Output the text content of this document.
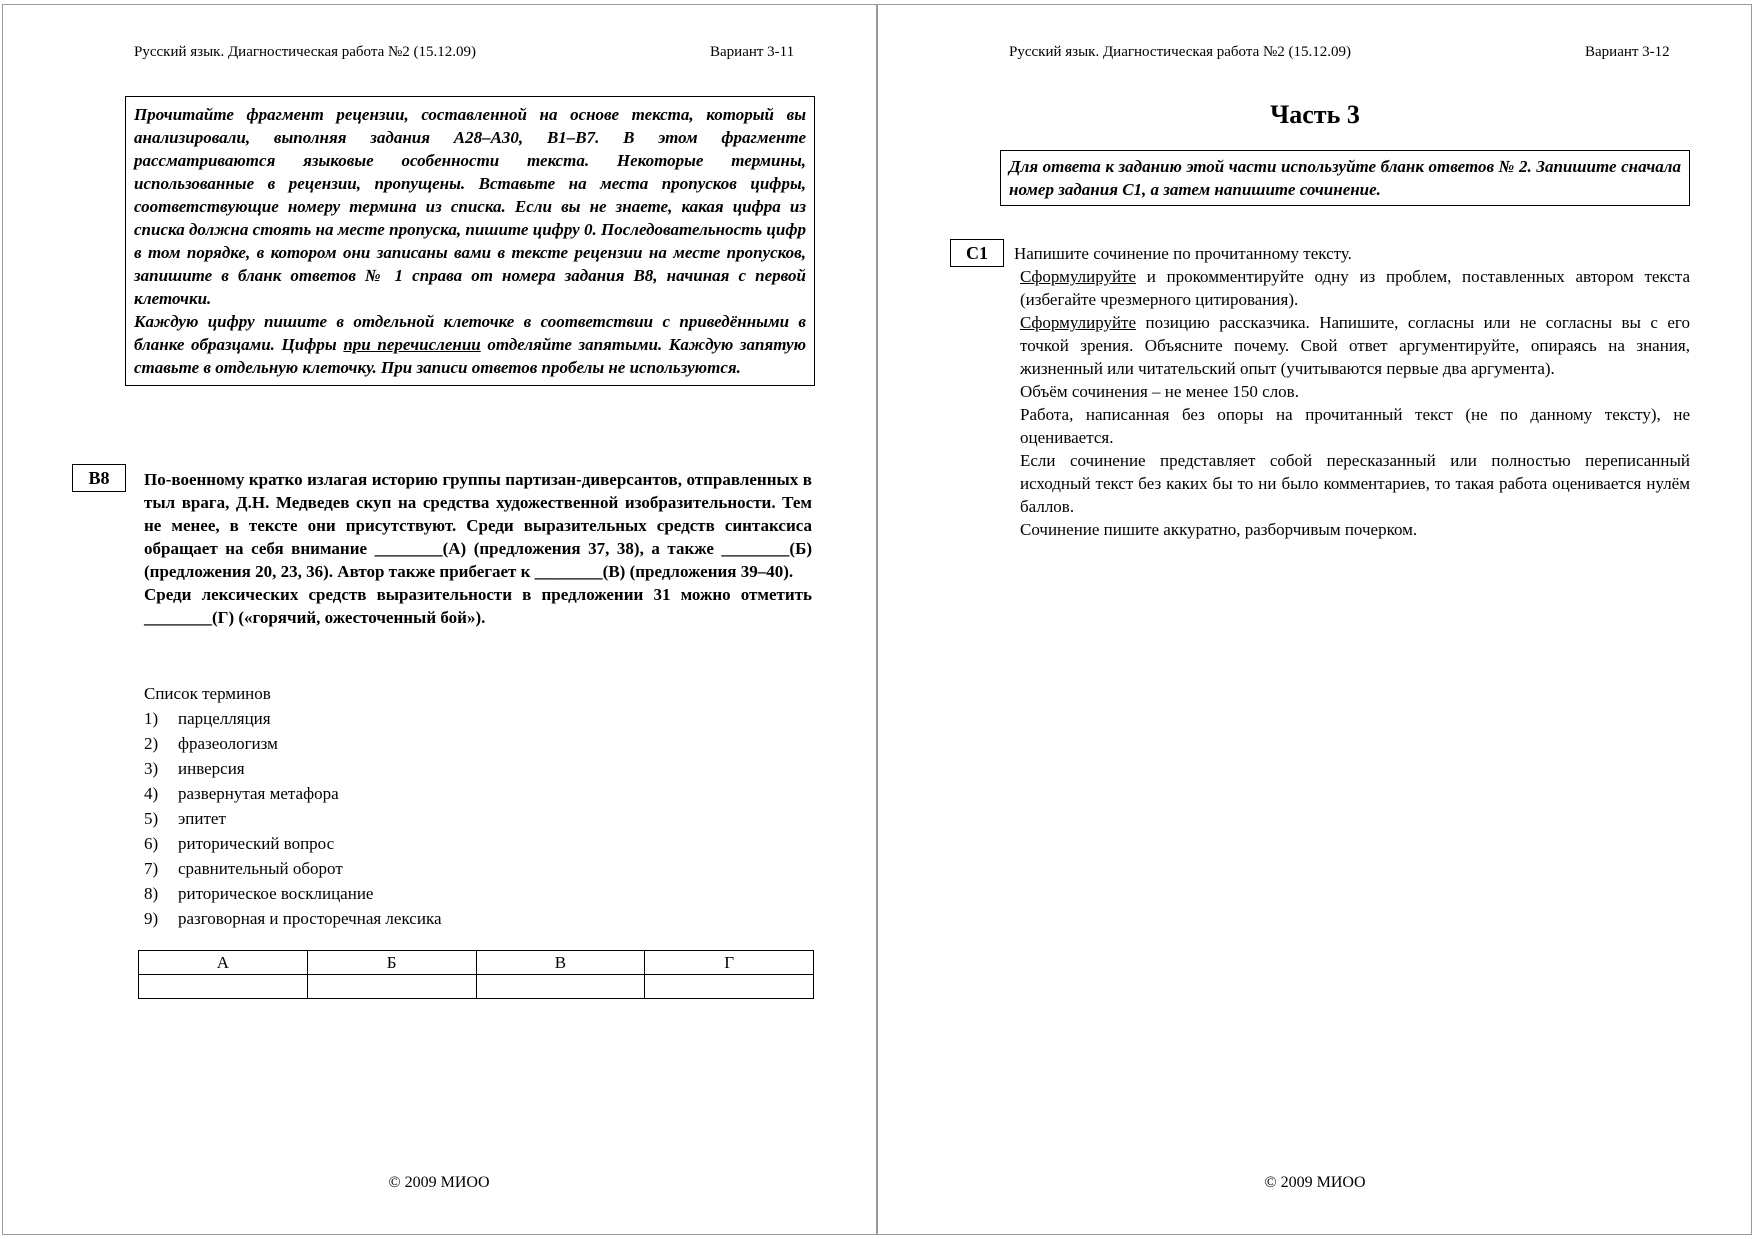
Русский язык. Диагностическая работа №2 (15.12.09)	Вариант 3-11

Прочитайте фрагмент рецензии, составленной на основе текста, который вы анализировали, выполняя задания А28–А30, В1–В7. В этом фрагменте рассматриваются языковые особенности текста. Некоторые термины, использованные в рецензии, пропущены. Вставьте на места пропусков цифры, соответствующие номеру термина из списка. Если вы не знаете, какая цифра из списка должна стоять на месте пропуска, пишите цифру 0. Последовательность цифр в том порядке, в котором они записаны вами в тексте рецензии на месте пропусков, запишите в бланк ответов № 1 справа от номера задания В8, начиная с первой клеточки.

Каждую цифру пишите в отдельной клеточке в соответствии с приведёнными в бланке образцами. Цифры при перечислении отделяйте запятыми. Каждую запятую ставьте в отдельную клеточку. При записи ответов пробелы не используются.

В8	По-военному кратко излагая историю группы партизан-диверсантов, отправленных в тыл врага, Д.Н. Медведев скуп на средства художественной изобразительности. Тем не менее, в тексте они присутствуют. Среди выразительных средств синтаксиса обращает на себя внимание ________(А) (предложения 37, 38), а также ________(Б) (предложения 20, 23, 36). Автор также прибегает к ________(В) (предложения 39–40).

Среди лексических средств выразительности в предложении 31 можно отметить ________(Г) («горячий, ожесточенный бой»).

Список терминов
1) парцелляция
2) фразеологизм
3) инверсия
4) развернутая метафора
5) эпитет
6) риторический вопрос
7) сравнительный оборот
8) риторическое восклицание
9) разговорная и просторечная лексика
А	Б	В	Г

© 2009 МИОО
Русский язык. Диагностическая работа №2 (15.12.09)	Вариант 3-12
Часть 3
Для ответа к заданию этой части используйте бланк ответов № 2. Запишите сначала номер задания С1, а затем напишите сочинение.
С1	Напишите сочинение по прочитанному тексту.

Сформулируйте и прокомментируйте одну из проблем, поставленных автором текста (избегайте чрезмерного цитирования).

Сформулируйте позицию рассказчика. Напишите, согласны или не согласны вы с его точкой зрения. Объясните почему. Свой ответ аргументируйте, опираясь на знания, жизненный или читательский опыт (учитываются первые два аргумента).

Объём сочинения – не менее 150 слов.

Работа, написанная без опоры на прочитанный текст (не по данному тексту), не оценивается.

Если сочинение представляет собой пересказанный или полностью переписанный исходный текст без каких бы то ни было комментариев, то такая работа оценивается нулём баллов.

Сочинение пишите аккуратно, разборчивым почерком.

© 2009 МИОО
